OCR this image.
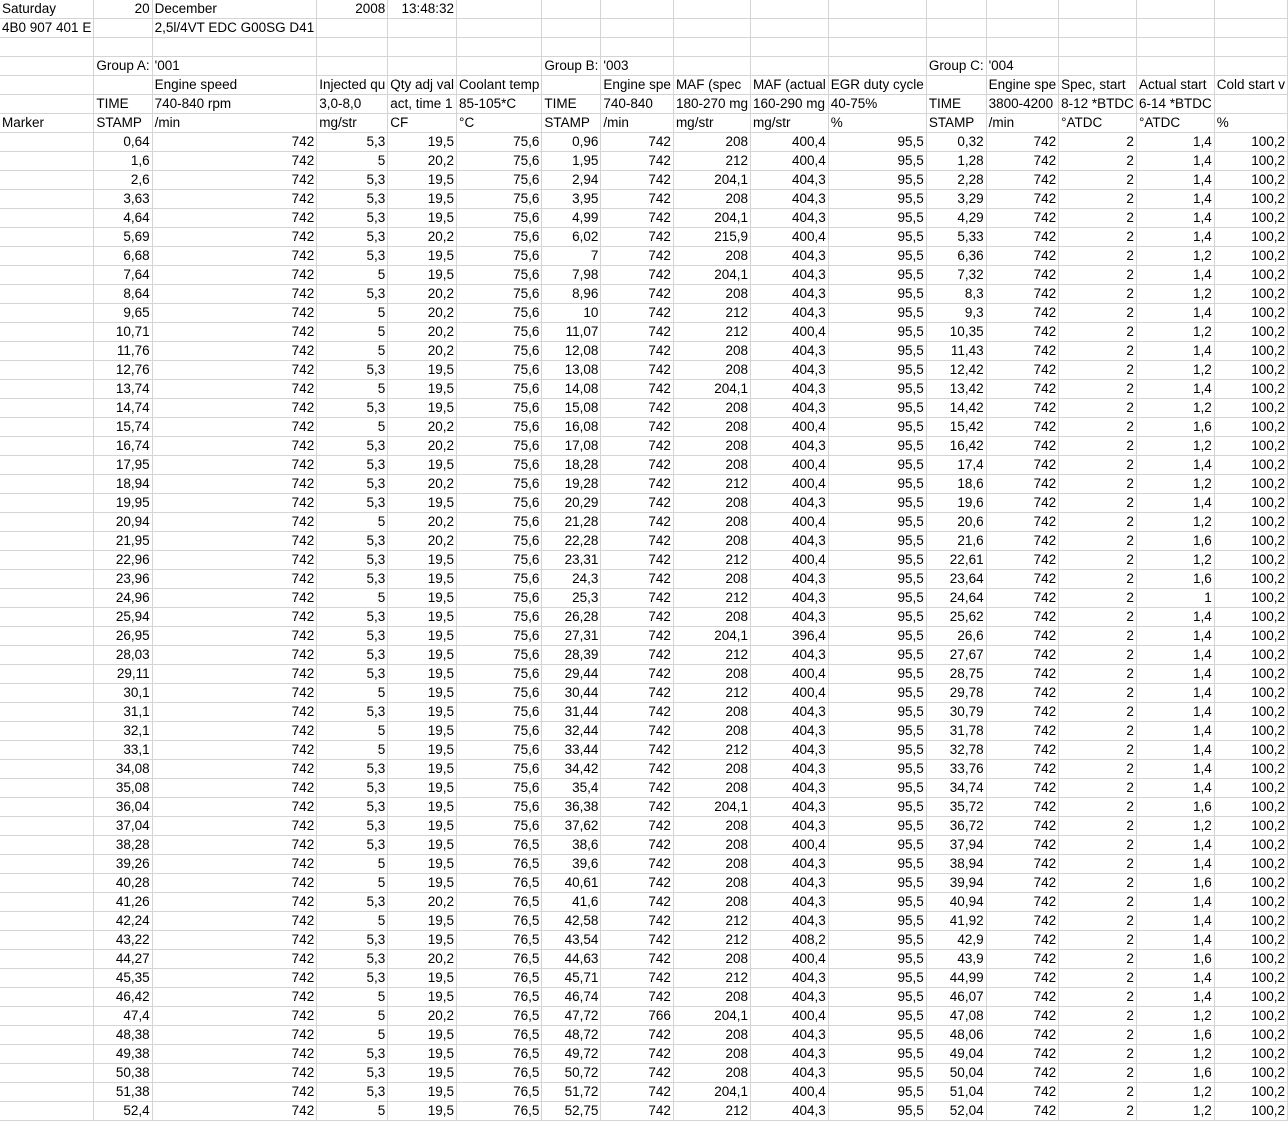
Saturday	20	December	2008	13:48:32											
4B0 907 401 E		2,5l/4VT EDC G00SG D41													

	Group A:	'001				Group B:	'003				Group C:	'004			
		Engine speed	Injected qu	Qty adj val	Coolant temp		Engine spe	MAF (spec	MAF (actual	EGR duty cycle		Engine spe	Spec, start	Actual start	Cold start v
	TIME	740-840 rpm	3,0-8,0	act, time 1	85-105*C	TIME	740-840	180-270 mg	160-290 mg	40-75%	TIME	3800-4200	8-12 *BTDC	6-14 *BTDC	
Marker	STAMP	/min	mg/str	CF	°C	STAMP	/min	mg/str	mg/str	%	STAMP	/min	°ATDC	°ATDC	%
	0,64	742	5,3	19,5	75,6	0,96	742	208	400,4	95,5	0,32	742	2	1,4	100,2
	1,6	742	5	20,2	75,6	1,95	742	212	400,4	95,5	1,28	742	2	1,4	100,2
	2,6	742	5,3	19,5	75,6	2,94	742	204,1	404,3	95,5	2,28	742	2	1,4	100,2
	3,63	742	5,3	19,5	75,6	3,95	742	208	404,3	95,5	3,29	742	2	1,4	100,2
	4,64	742	5,3	19,5	75,6	4,99	742	204,1	404,3	95,5	4,29	742	2	1,4	100,2
	5,69	742	5,3	20,2	75,6	6,02	742	215,9	400,4	95,5	5,33	742	2	1,4	100,2
	6,68	742	5,3	19,5	75,6	7	742	208	404,3	95,5	6,36	742	2	1,2	100,2
	7,64	742	5	19,5	75,6	7,98	742	204,1	404,3	95,5	7,32	742	2	1,4	100,2
	8,64	742	5,3	20,2	75,6	8,96	742	208	404,3	95,5	8,3	742	2	1,2	100,2
	9,65	742	5	20,2	75,6	10	742	212	404,3	95,5	9,3	742	2	1,4	100,2
	10,71	742	5	20,2	75,6	11,07	742	212	400,4	95,5	10,35	742	2	1,2	100,2
	11,76	742	5	20,2	75,6	12,08	742	208	404,3	95,5	11,43	742	2	1,4	100,2
	12,76	742	5,3	19,5	75,6	13,08	742	208	404,3	95,5	12,42	742	2	1,2	100,2
	13,74	742	5	19,5	75,6	14,08	742	204,1	404,3	95,5	13,42	742	2	1,4	100,2
	14,74	742	5,3	19,5	75,6	15,08	742	208	404,3	95,5	14,42	742	2	1,2	100,2
	15,74	742	5	20,2	75,6	16,08	742	208	400,4	95,5	15,42	742	2	1,6	100,2
	16,74	742	5,3	20,2	75,6	17,08	742	208	404,3	95,5	16,42	742	2	1,2	100,2
	17,95	742	5,3	19,5	75,6	18,28	742	208	400,4	95,5	17,4	742	2	1,4	100,2
	18,94	742	5,3	20,2	75,6	19,28	742	212	400,4	95,5	18,6	742	2	1,2	100,2
	19,95	742	5,3	19,5	75,6	20,29	742	208	404,3	95,5	19,6	742	2	1,4	100,2
	20,94	742	5	20,2	75,6	21,28	742	208	400,4	95,5	20,6	742	2	1,2	100,2
	21,95	742	5,3	20,2	75,6	22,28	742	208	404,3	95,5	21,6	742	2	1,6	100,2
	22,96	742	5,3	19,5	75,6	23,31	742	212	400,4	95,5	22,61	742	2	1,2	100,2
	23,96	742	5,3	19,5	75,6	24,3	742	208	404,3	95,5	23,64	742	2	1,6	100,2
	24,96	742	5	19,5	75,6	25,3	742	212	404,3	95,5	24,64	742	2	1	100,2
	25,94	742	5,3	19,5	75,6	26,28	742	208	404,3	95,5	25,62	742	2	1,4	100,2
	26,95	742	5,3	19,5	75,6	27,31	742	204,1	396,4	95,5	26,6	742	2	1,4	100,2
	28,03	742	5,3	19,5	75,6	28,39	742	212	404,3	95,5	27,67	742	2	1,4	100,2
	29,11	742	5,3	19,5	75,6	29,44	742	208	400,4	95,5	28,75	742	2	1,4	100,2
	30,1	742	5	19,5	75,6	30,44	742	212	400,4	95,5	29,78	742	2	1,4	100,2
	31,1	742	5,3	19,5	75,6	31,44	742	208	404,3	95,5	30,79	742	2	1,4	100,2
	32,1	742	5	19,5	75,6	32,44	742	208	404,3	95,5	31,78	742	2	1,4	100,2
	33,1	742	5	19,5	75,6	33,44	742	212	404,3	95,5	32,78	742	2	1,4	100,2
	34,08	742	5,3	19,5	75,6	34,42	742	208	404,3	95,5	33,76	742	2	1,4	100,2
	35,08	742	5,3	19,5	75,6	35,4	742	208	404,3	95,5	34,74	742	2	1,4	100,2
	36,04	742	5,3	19,5	75,6	36,38	742	204,1	404,3	95,5	35,72	742	2	1,6	100,2
	37,04	742	5,3	19,5	75,6	37,62	742	208	404,3	95,5	36,72	742	2	1,2	100,2
	38,28	742	5,3	19,5	76,5	38,6	742	208	400,4	95,5	37,94	742	2	1,4	100,2
	39,26	742	5	19,5	76,5	39,6	742	208	404,3	95,5	38,94	742	2	1,4	100,2
	40,28	742	5	19,5	76,5	40,61	742	208	404,3	95,5	39,94	742	2	1,6	100,2
	41,26	742	5,3	20,2	76,5	41,6	742	208	404,3	95,5	40,94	742	2	1,4	100,2
	42,24	742	5	19,5	76,5	42,58	742	212	404,3	95,5	41,92	742	2	1,4	100,2
	43,22	742	5,3	19,5	76,5	43,54	742	212	408,2	95,5	42,9	742	2	1,4	100,2
	44,27	742	5,3	20,2	76,5	44,63	742	208	400,4	95,5	43,9	742	2	1,6	100,2
	45,35	742	5,3	19,5	76,5	45,71	742	212	404,3	95,5	44,99	742	2	1,4	100,2
	46,42	742	5	19,5	76,5	46,74	742	208	404,3	95,5	46,07	742	2	1,4	100,2
	47,4	742	5	20,2	76,5	47,72	766	204,1	400,4	95,5	47,08	742	2	1,2	100,2
	48,38	742	5	19,5	76,5	48,72	742	208	404,3	95,5	48,06	742	2	1,6	100,2
	49,38	742	5,3	19,5	76,5	49,72	742	208	404,3	95,5	49,04	742	2	1,2	100,2
	50,38	742	5,3	19,5	76,5	50,72	742	208	404,3	95,5	50,04	742	2	1,6	100,2
	51,38	742	5,3	19,5	76,5	51,72	742	204,1	400,4	95,5	51,04	742	2	1,2	100,2
	52,4	742	5	19,5	76,5	52,75	742	212	404,3	95,5	52,04	742	2	1,2	100,2
